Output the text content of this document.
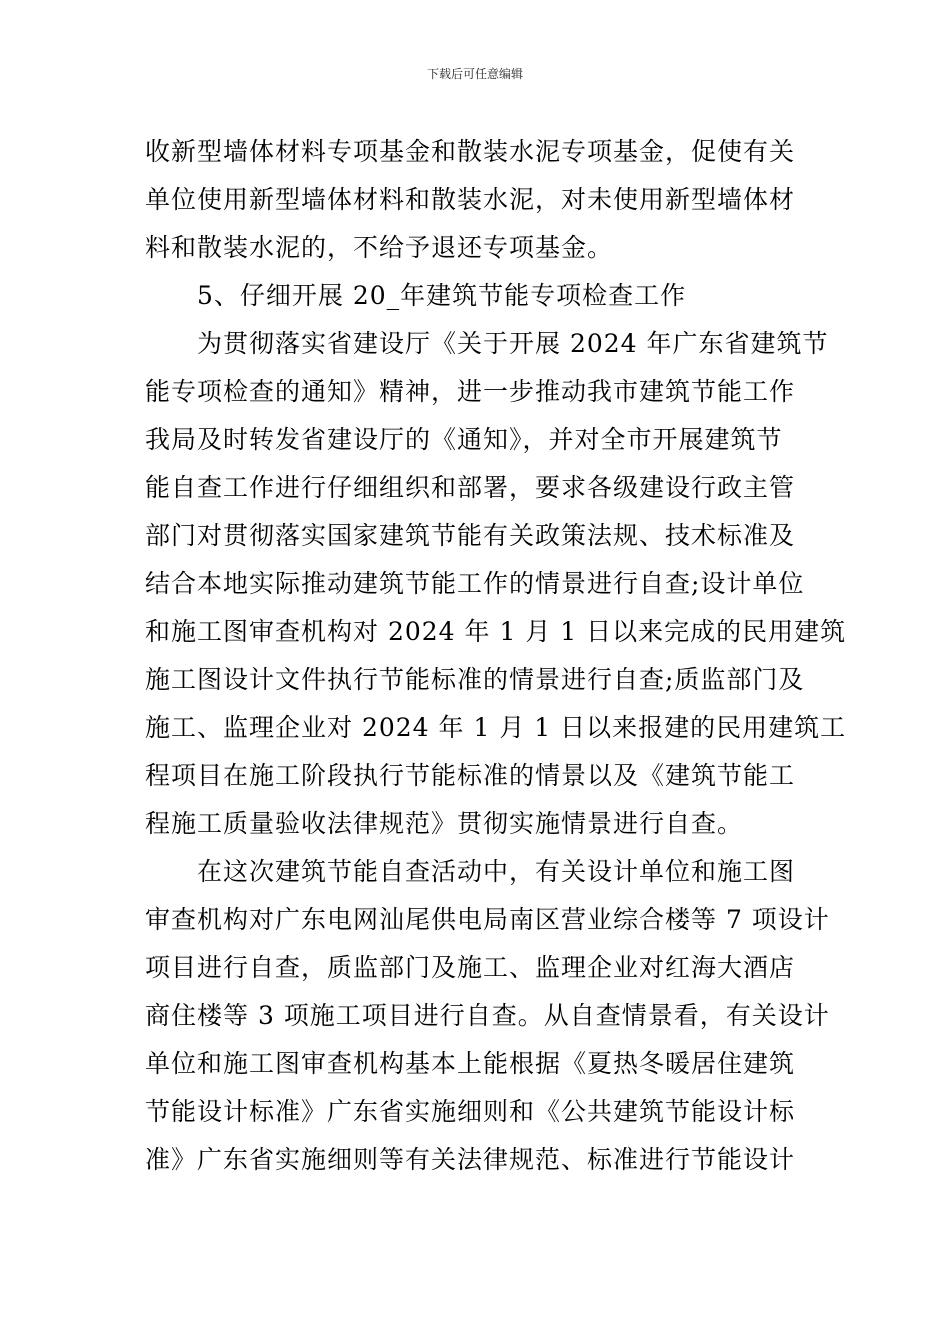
下载后可任意编辑
收新型墙体材料专项基金和散装水泥专项基金，促使有关
单位使用新型墙体材料和散装水泥，对未使用新型墙体材
料和散装水泥的，不给予退还专项基金。
5、仔细开展 20_年建筑节能专项检查工作
为贯彻落实省建设厅《关于开展 2024 年广东省建筑节
能专项检查的通知》精神，进一步推动我市建筑节能工作
我局及时转发省建设厅的《通知》，并对全市开展建筑节
能自查工作进行仔细组织和部署，要求各级建设行政主管
部门对贯彻落实国家建筑节能有关政策法规、技术标准及
结合本地实际推动建筑节能工作的情景进行自查;设计单位
和施工图审查机构对 2024 年 1 月 1 日以来完成的民用建筑
施工图设计文件执行节能标准的情景进行自查;质监部门及
施工、监理企业对 2024 年 1 月 1 日以来报建的民用建筑工
程项目在施工阶段执行节能标准的情景以及《建筑节能工
程施工质量验收法律规范》贯彻实施情景进行自查。
在这次建筑节能自查活动中，有关设计单位和施工图
审查机构对广东电网汕尾供电局南区营业综合楼等 7 项设计
项目进行自查，质监部门及施工、监理企业对红海大酒店
商住楼等 3 项施工项目进行自查。从自查情景看，有关设计
单位和施工图审查机构基本上能根据《夏热冬暖居住建筑
节能设计标准》广东省实施细则和《公共建筑节能设计标
准》广东省实施细则等有关法律规范、标准进行节能设计
